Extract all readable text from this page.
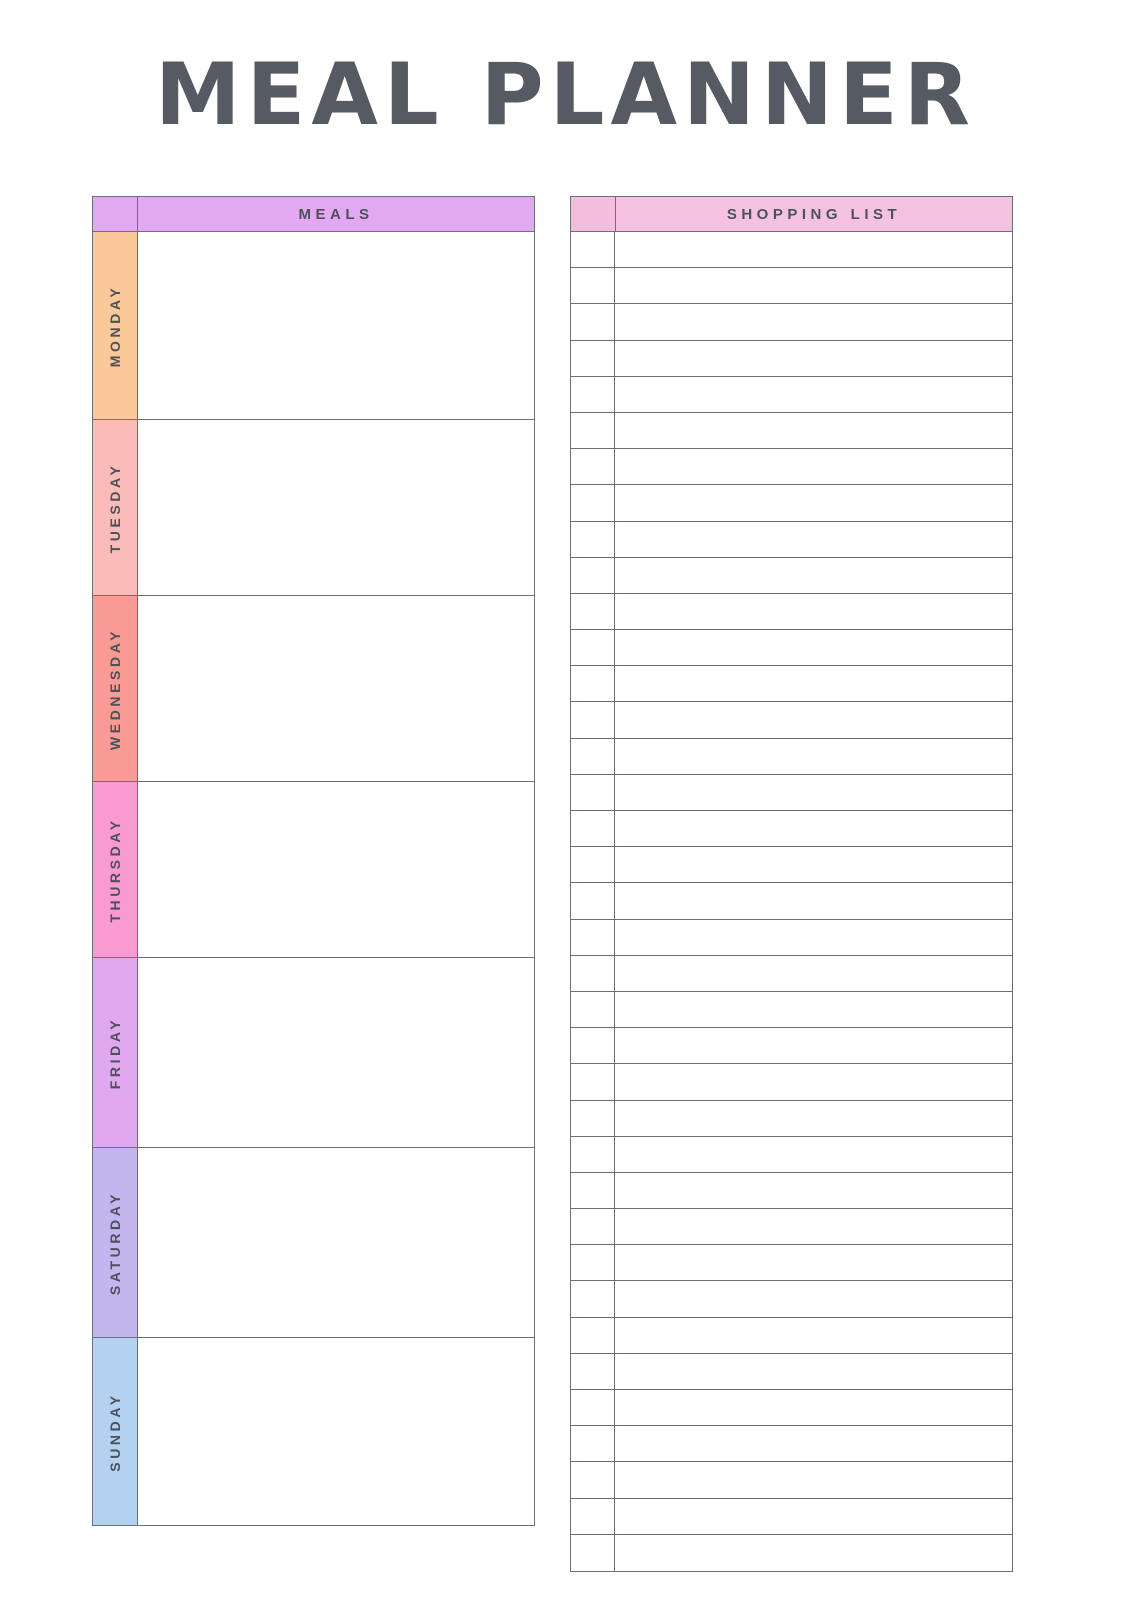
MEAL PLANNER
MEALS
MONDAY
TUESDAY
WEDNESDAY
THURSDAY
FRIDAY
SATURDAY
SUNDAY
SHOPPING LIST
